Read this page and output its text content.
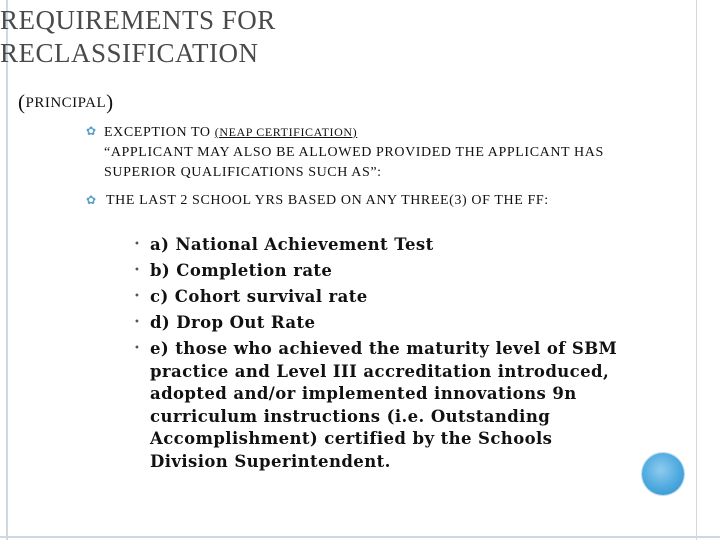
REQUIREMENTS FOR
RECLASSIFICATION
(PRINCIPAL)
✿ EXCEPTION TO (NEAP CERTIFICATION)
“APPLICANT MAY ALSO BE ALLOWED PROVIDED THE APPLICANT HAS SUPERIOR QUALIFICATIONS SUCH AS”:
✿ THE LAST 2 SCHOOL YRS BASED ON ANY THREE(3) OF THE FF:
• a) National Achievement Test
• b) Completion rate
• c) Cohort survival rate
• d) Drop Out Rate
• e) those who achieved the maturity level of SBM practice and Level III accreditation introduced, adopted and/or implemented innovations 9n curriculum instructions (i.e. Outstanding Accomplishment) certified by the Schools Division Superintendent.
